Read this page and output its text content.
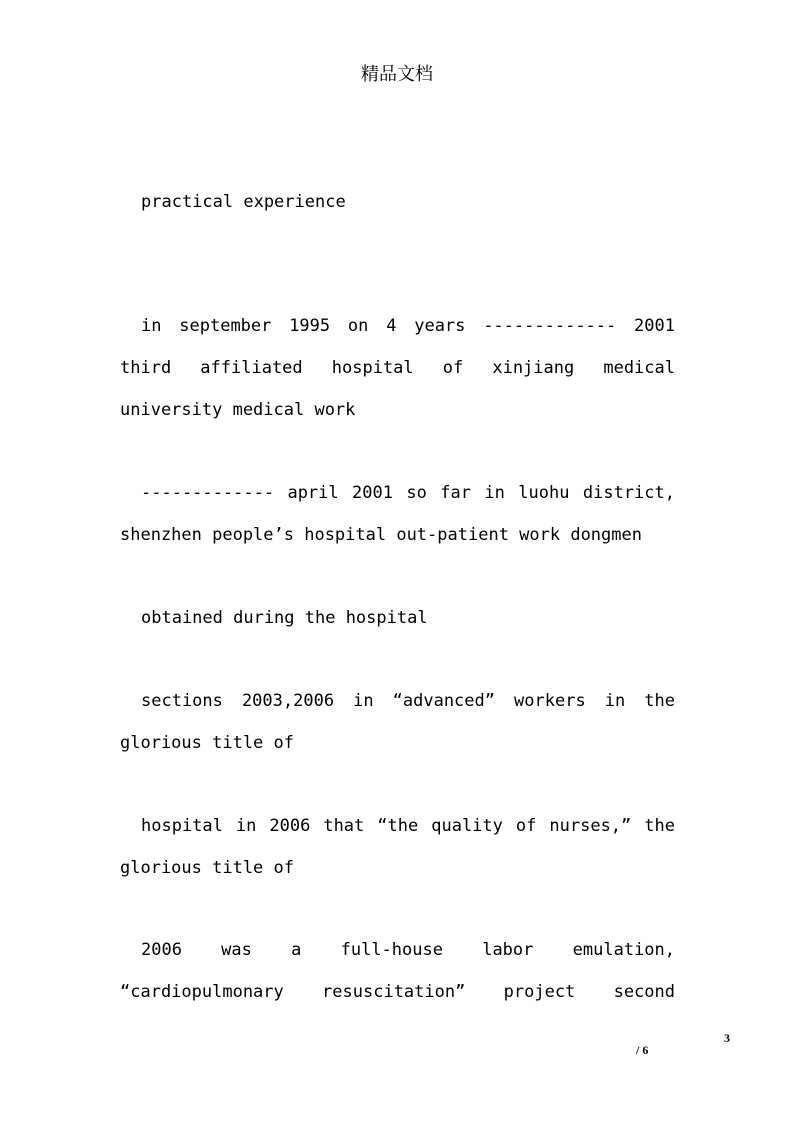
精品文档
practical experience
in september 1995 on 4 years ------------- 2001 third affiliated hospital of xinjiang medical university medical work
------------- april 2001 so far in luohu district, shenzhen people’s hospital out-patient work dongmen
obtained during the hospital
sections 2003,2006 in “advanced” workers in the glorious title of
hospital in 2006 that “the quality of nurses,” the glorious title of
2006 was a full-house labor emulation,
“cardiopulmonary resuscitation” project second
3
/ 6
